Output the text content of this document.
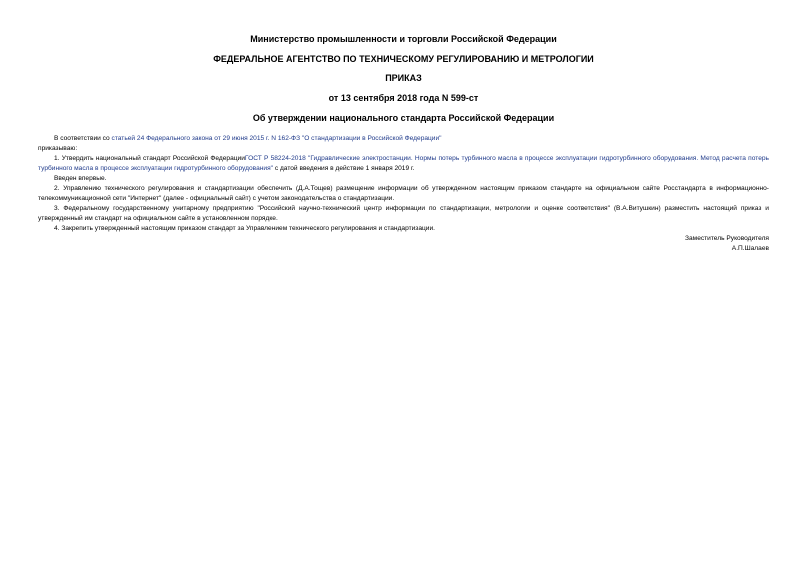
Министерство промышленности и торговли Российской Федерации

ФЕДЕРАЛЬНОЕ АГЕНТСТВО ПО ТЕХНИЧЕСКОМУ РЕГУЛИРОВАНИЮ И МЕТРОЛОГИИ

ПРИКАЗ

от 13 сентября 2018 года N 599-ст

Об утверждении национального стандарта Российской Федерации

В соответствии со статьей 24 Федерального закона от 29 июня 2015 г. N 162-ФЗ "О стандартизации в Российской Федерации"

приказываю:

1. Утвердить национальный стандарт Российской ФедерацииГОСТ Р 58224-2018 "Гидравлические электростанции. Нормы потерь турбинного масла в процессе эксплуатации гидротурбинного оборудования. Метод расчета потерь турбинного масла в процессе эксплуатации гидротурбинного оборудования" с датой введения в действие 1 января 2019 г.

Введен впервые.

2. Управлению технического регулирования и стандартизации обеспечить (Д.А.Тощев) размещение информации об утвержденном настоящим приказом стандарте на официальном сайте Росстандарта в информационно-телекоммуникационной сети "Интернет" (далее - официальный сайт) с учетом законодательства о стандартизации.

3. Федеральному государственному унитарному предприятию "Российский научно-технический центр информации по стандартизации, метрологии и оценке соответствия" (В.А.Витушкин) разместить настоящий приказ и утвержденный им стандарт на официальном сайте в установленном порядке.

4. Закрепить утвержденный настоящим приказом стандарт за Управлением технического регулирования и стандартизации.

Заместитель Руководителя
А.П.Шалаев
